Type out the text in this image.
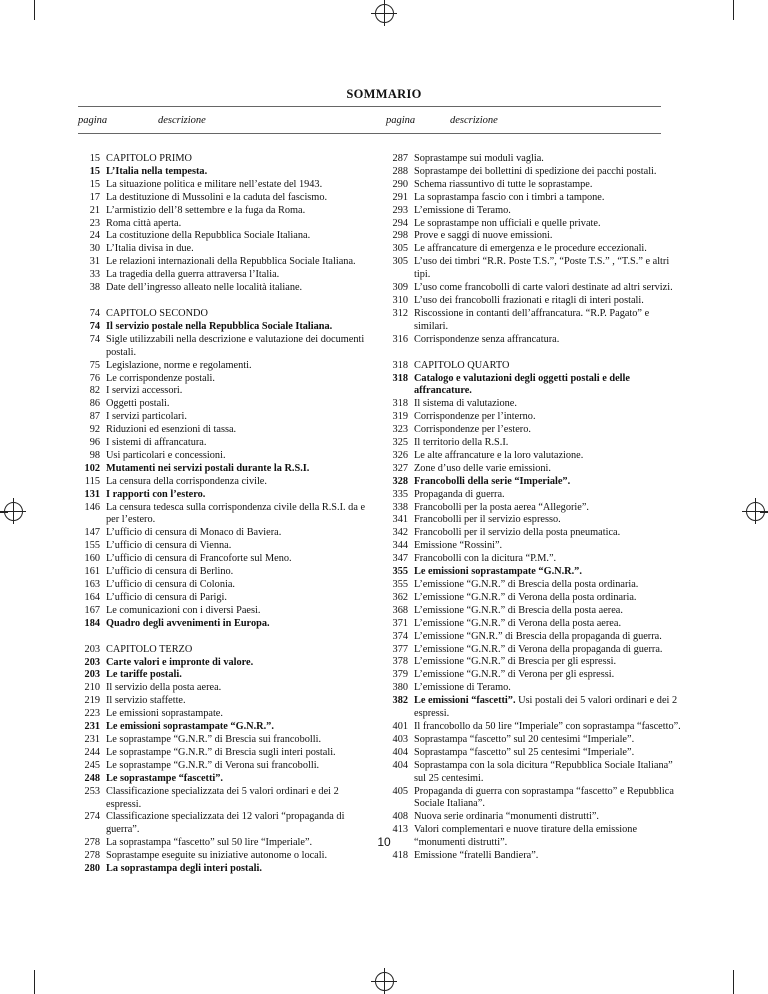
SOMMARIO
pagina	descrizione	pagina	descrizione
15 CAPITOLO PRIMO
15 L’Italia nella tempesta.
15 La situazione politica e militare nell’estate del 1943.
17 La destituzione di Mussolini e la caduta del fascismo.
21 L’armistizio dell’8 settembre e la fuga da Roma.
23 Roma città aperta.
24 La costituzione della Repubblica Sociale Italiana.
30 L’Italia divisa in due.
31 Le relazioni internazionali della Repubblica Sociale Italiana.
33 La tragedia della guerra attraversa l’Italia.
38 Date dell’ingresso alleato nelle località italiane.
74 CAPITOLO SECONDO
74 Il servizio postale nella Repubblica Sociale Italiana.
74 Sigle utilizzabili nella descrizione e valutazione dei documenti postali.
75 Legislazione, norme e regolamenti.
76 Le corrispondenze postali.
82 I servizi accessori.
86 Oggetti postali.
87 I servizi particolari.
92 Riduzioni ed esenzioni di tassa.
96 I sistemi di affrancatura.
98 Usi particolari e concessioni.
102 Mutamenti nei servizi postali durante la R.S.I.
115 La censura della corrispondenza civile.
131 I rapporti con l’estero.
146 La censura tedesca sulla corrispondenza civile della R.S.I. da e per l’estero.
147 L’ufficio di censura di Monaco di Baviera.
155 L’ufficio di censura di Vienna.
160 L’ufficio di censura di Francoforte sul Meno.
161 L’ufficio di censura di Berlino.
163 L’ufficio di censura di Colonia.
164 L’ufficio di censura di Parigi.
167 Le comunicazioni con i diversi Paesi.
184 Quadro degli avvenimenti in Europa.
203 CAPITOLO TERZO
203 Carte valori e impronte di valore.
203 Le tariffe postali.
210 Il servizio della posta aerea.
219 Il servizio staffette.
223 Le emissioni soprastampate.
231 Le emissioni soprastampate “G.N.R.”.
231 Le soprastampe “G.N.R.” di Brescia sui francobolli.
244 Le soprastampe “G.N.R.” di Brescia sugli interi postali.
245 Le soprastampe “G.N.R.” di Verona sui francobolli.
248 Le soprastampe “fascetti”.
253 Classificazione specializzata dei 5 valori ordinari e dei 2 espressi.
274 Classificazione specializzata dei 12 valori “propaganda di guerra”.
278 La soprastampa “fascetto” sul 50 lire “Imperiale”.
278 Soprastampe eseguite su iniziative autonome o locali.
280 La soprastampa degli interi postali.
287 Soprastampe sui moduli vaglia.
288 Soprastampe dei bollettini di spedizione dei pacchi postali.
290 Schema riassuntivo di tutte le soprastampe.
291 La soprastampa fascio con i timbri a tampone.
293 L’emissione di Teramo.
294 Le soprastampe non ufficiali e quelle private.
298 Prove e saggi di nuove emissioni.
305 Le affrancature di emergenza e le procedure eccezionali.
305 L’uso dei timbri “R.R. Poste T.S.”, “Poste T.S.” , “T.S.” e altri tipi.
309 L’uso come francobolli di carte valori destinate ad altri servizi.
310 L’uso dei francobolli frazionati e ritagli di interi postali.
312 Riscossione in contanti dell’affrancatura. “R.P. Pagato” e similari.
316 Corrispondenze senza affrancatura.
318 CAPITOLO QUARTO
318 Catalogo e valutazioni degli oggetti postali e delle affrancature.
318 Il sistema di valutazione.
319 Corrispondenze per l’interno.
323 Corrispondenze per l’estero.
325 Il territorio della R.S.I.
326 Le alte affrancature e la loro valutazione.
327 Zone d’uso delle varie emissioni.
328 Francobolli della serie “Imperiale”.
335 Propaganda di guerra.
338 Francobolli per la posta aerea “Allegorie”.
341 Francobolli per il servizio espresso.
342 Francobolli per il servizio della posta pneumatica.
344 Emissione “Rossini”.
347 Francobolli con la dicitura “P.M.”.
355 Le emissioni soprastampate “G.N.R.”.
355 L’emissione “G.N.R.” di Brescia della posta ordinaria.
362 L’emissione “G.N.R.” di Verona della posta ordinaria.
368 L’emissione “G.N.R.” di Brescia della posta aerea.
371 L’emissione “G.N.R.” di Verona della posta aerea.
374 L’emissione “GN.R.” di Brescia della propaganda di guerra.
377 L’emissione “G.N.R.” di Verona della propaganda di guerra.
378 L’emissione “G.N.R.” di Brescia per gli espressi.
379 L’emissione “G.N.R.” di Verona per gli espressi.
380 L’emissione di Teramo.
382 Le emissioni “fascetti”. Usi postali dei 5 valori ordinari e dei 2 espressi.
401 Il francobollo da 50 lire “Imperiale” con soprastampa “fascetto”.
403 Soprastampa “fascetto” sul 20 centesimi “Imperiale”.
404 Soprastampa “fascetto” sul 25 centesimi “Imperiale”.
404 Soprastampa con la sola dicitura “Repubblica Sociale Italiana” sul 25 centesimi.
405 Propaganda di guerra con soprastampa “fascetto” e Repubblica Sociale Italiana”.
408 Nuova serie ordinaria “monumenti distrutti”.
413 Valori complementari e nuove tirature della emissione “monumenti distrutti”.
418 Emissione “fratelli Bandiera”.
10
